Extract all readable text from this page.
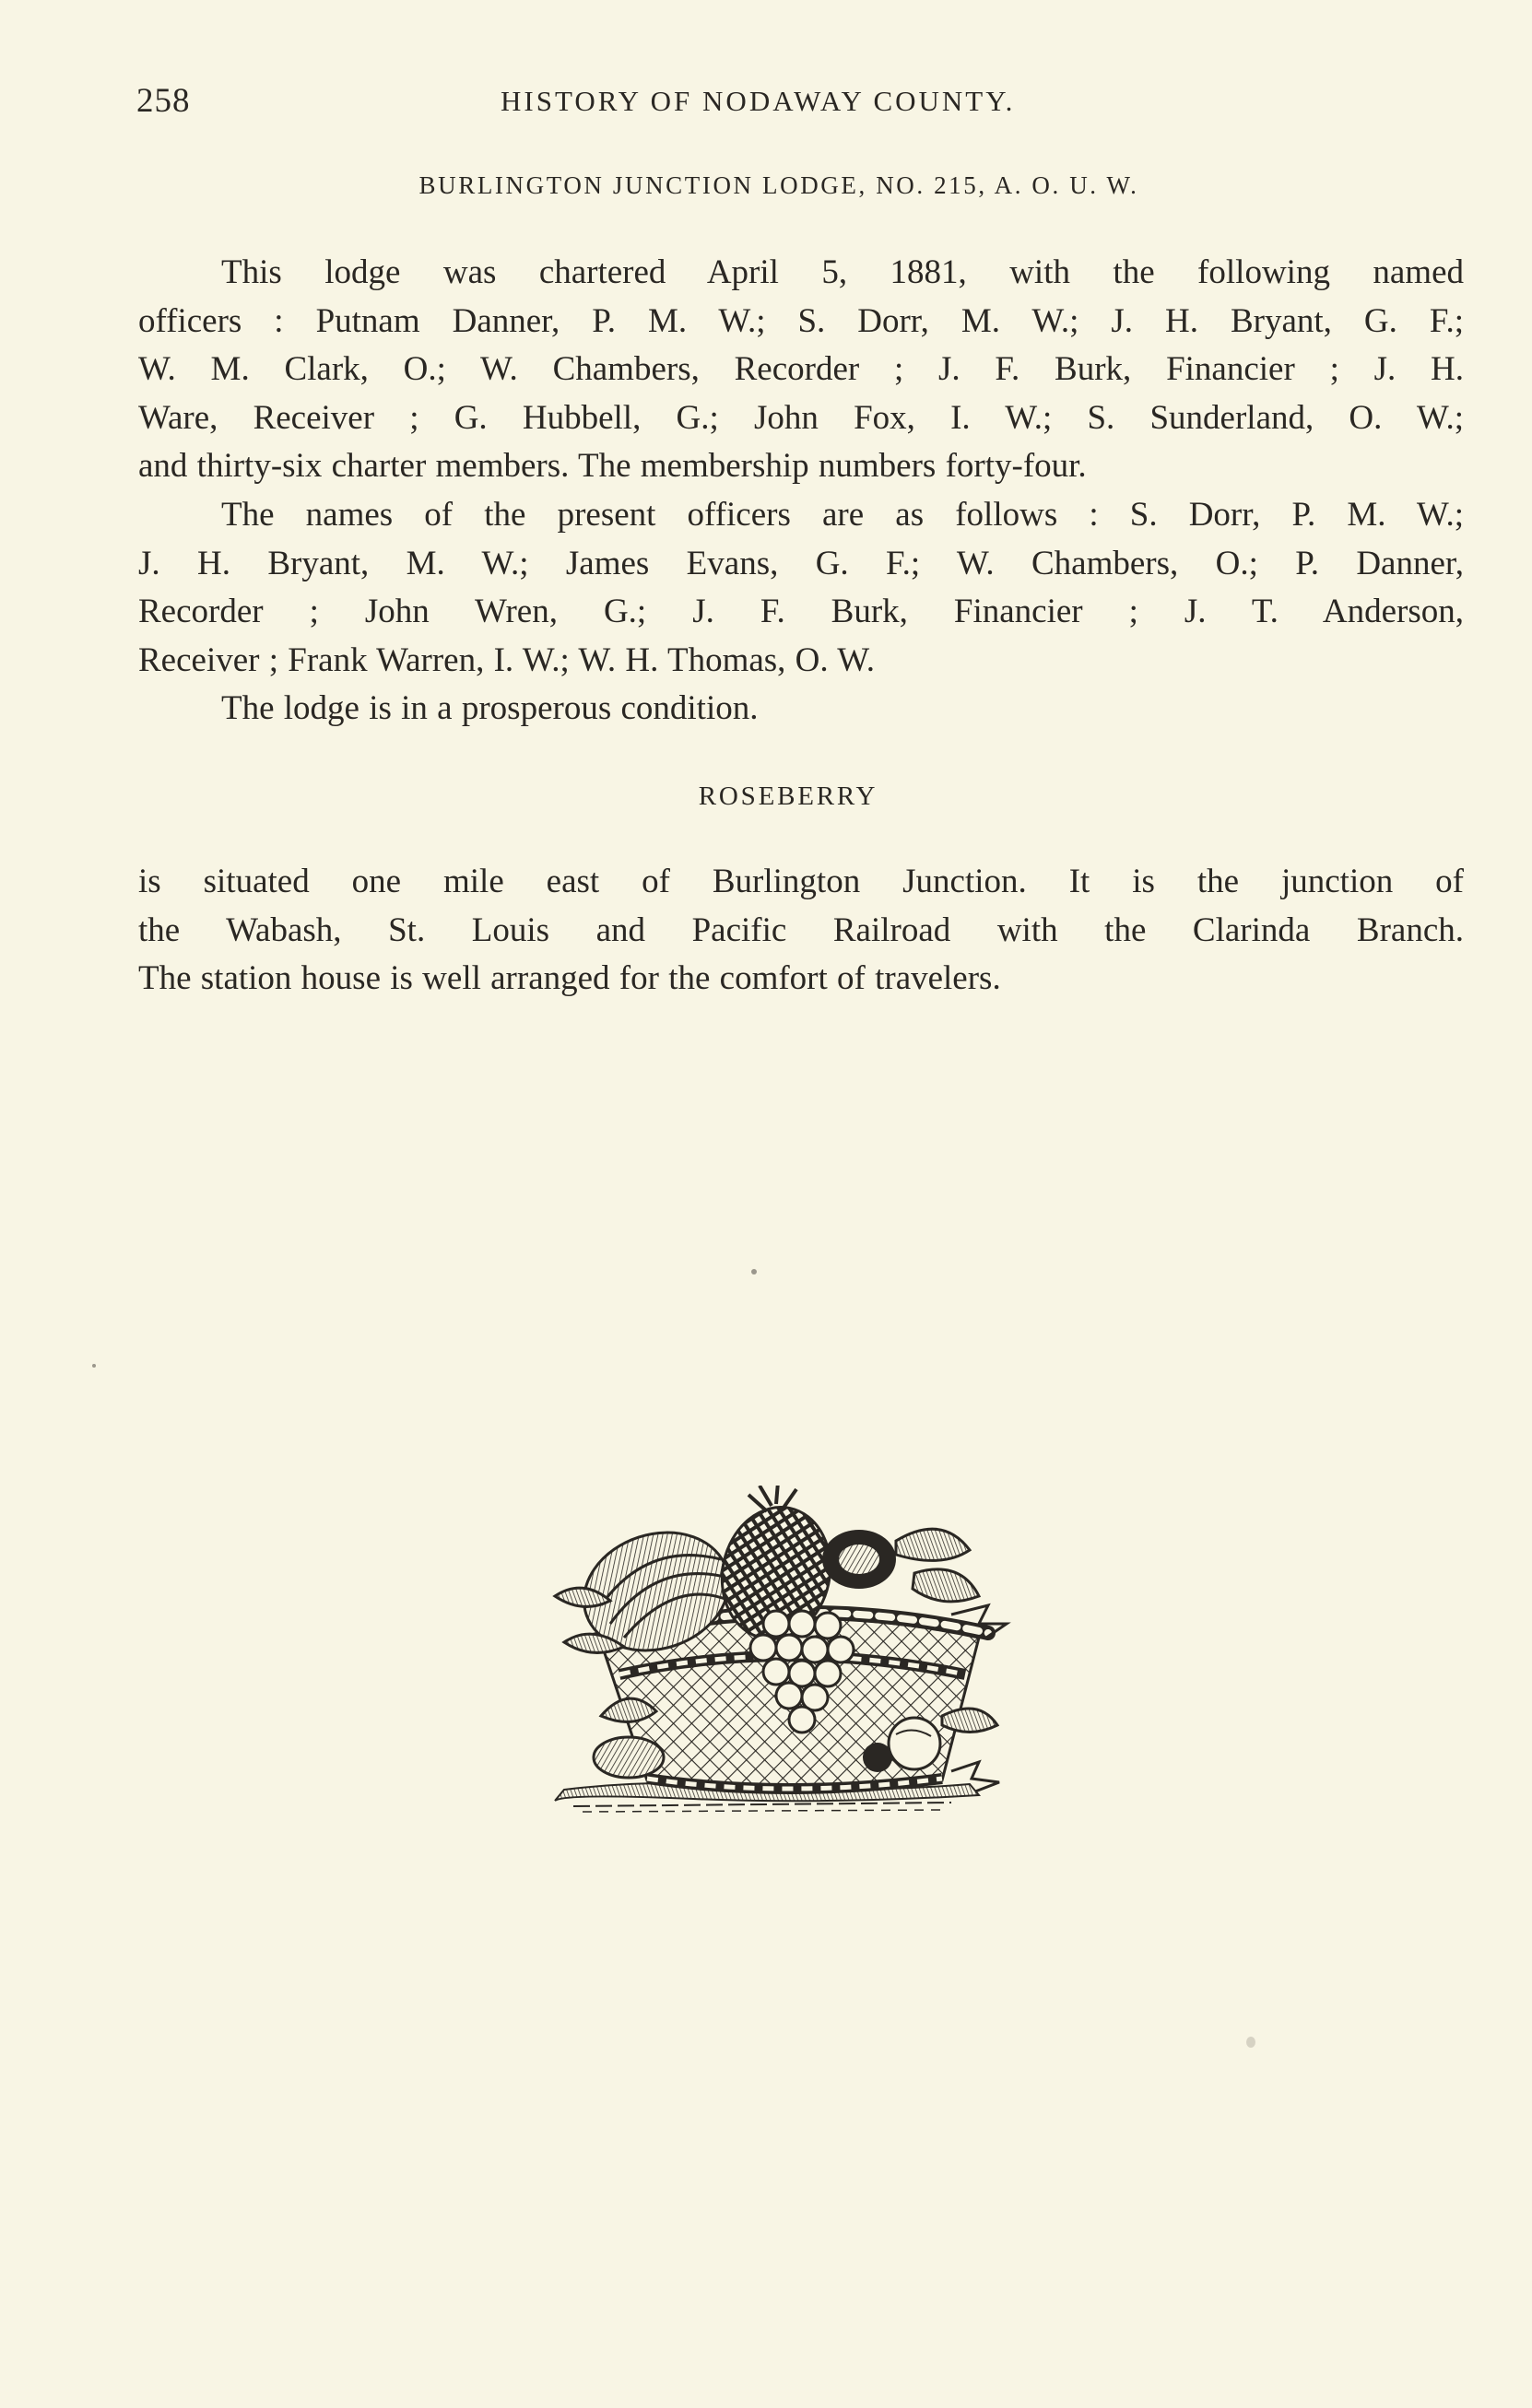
258	HISTORY OF NODAWAY COUNTY.
BURLINGTON JUNCTION LODGE, NO. 215, A. O. U. W.

This lodge was chartered April 5, 1881, with the following named

officers : Putnam Danner, P. M. W.; S. Dorr, M. W.; J. H. Bryant, G. F.;

W. M. Clark, O.; W. Chambers, Recorder ; J. F. Burk, Financier ; J. H.

Ware, Receiver ; G. Hubbell, G.; John Fox, I. W.; S. Sunderland, O. W.;

and thirty-six charter members. The membership numbers forty-four.

The names of the present officers are as follows : S. Dorr, P. M. W.;

J. H. Bryant, M. W.; James Evans, G. F.; W. Chambers, O.; P. Danner,

Recorder ; John Wren, G.; J. F. Burk, Financier ; J. T. Anderson,

Receiver ; Frank Warren, I. W.; W. H. Thomas, O. W.

The lodge is in a prosperous condition.

ROSEBERRY

is situated one mile east of Burlington Junction. It is the junction of

the Wabash, St. Louis and Pacific Railroad with the Clarinda Branch.

The station house is well arranged for the comfort of travelers.
